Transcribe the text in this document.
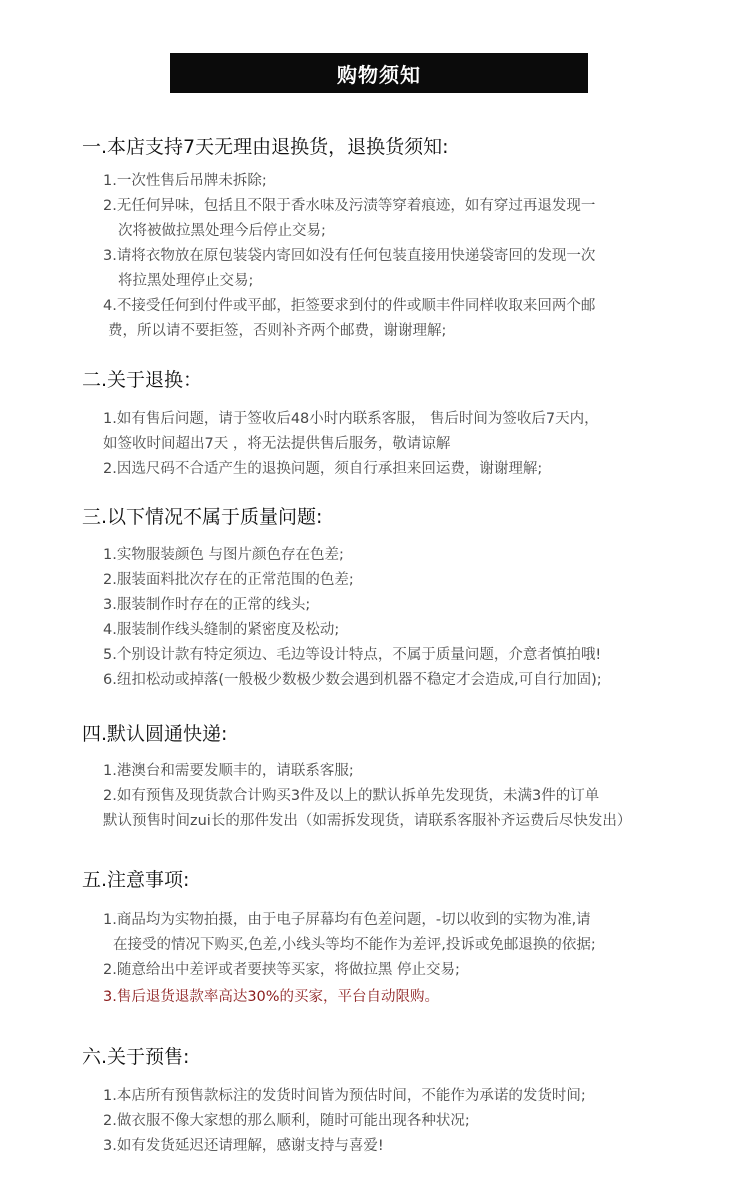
购物须知
一.本店支持7天无理由退换货，退换货须知:
1.一次性售后吊牌未拆除;
2.无任何异味，包括且不限于香水味及污渍等穿着痕迹，如有穿过再退发现一
次将被做拉黑处理今后停止交易;
3.请将衣物放在原包装袋内寄回如没有任何包装直接用快递袋寄回的发现一次
将拉黑处理停止交易;
4.不接受任何到付件或平邮，拒签要求到付的件或顺丰件同样收取来回两个邮
费，所以请不要拒签，否则补齐两个邮费，谢谢理解;
二.关于退换：
1.如有售后问题，请于签收后48小时内联系客服， 售后时间为签收后7天内，
如签收时间超出7天 ，将无法提供售后服务，敬请谅解
2.因选尺码不合适产生的退换问题，须自行承担来回运费，谢谢理解;
三.以下情况不属于质量问题:
1.实物服装颜色 与图片颜色存在色差;
2.服装面料批次存在的正常范围的色差;
3.服装制作时存在的正常的线头;
4.服装制作线头缝制的紧密度及松动;
5.个别设计款有特定须边、毛边等设计特点，不属于质量问题，介意者慎拍哦!
6.纽扣松动或掉落(一般极少数极少数会遇到机器不稳定才会造成,可自行加固);
四.默认圆通快递:
1.港澳台和需要发顺丰的，请联系客服;
2.如有预售及现货款合计购买3件及以上的默认拆单先发现货，未满3件的订单
默认预售时间zui长的那件发出（如需拆发现货，请联系客服补齐运费后尽快发出）
五.注意事项:
1.商品均为实物拍摄，由于电子屏幕均有色差问题，-切以收到的实物为准,请
在接受的情况下购买,色差,小线头等均不能作为差评,投诉或免邮退换的依据;
2.随意给出中差评或者要挟等买家，将做拉黑 停止交易;
3.售后退货退款率高达30%的买家，平台自动限购。
六.关于预售:
1.本店所有预售款标注的发货时间皆为预估时间，不能作为承诺的发货时间;
2.做衣服不像大家想的那么顺利，随时可能出现各种状况;
3.如有发货延迟还请理解，感谢支持与喜爱!
